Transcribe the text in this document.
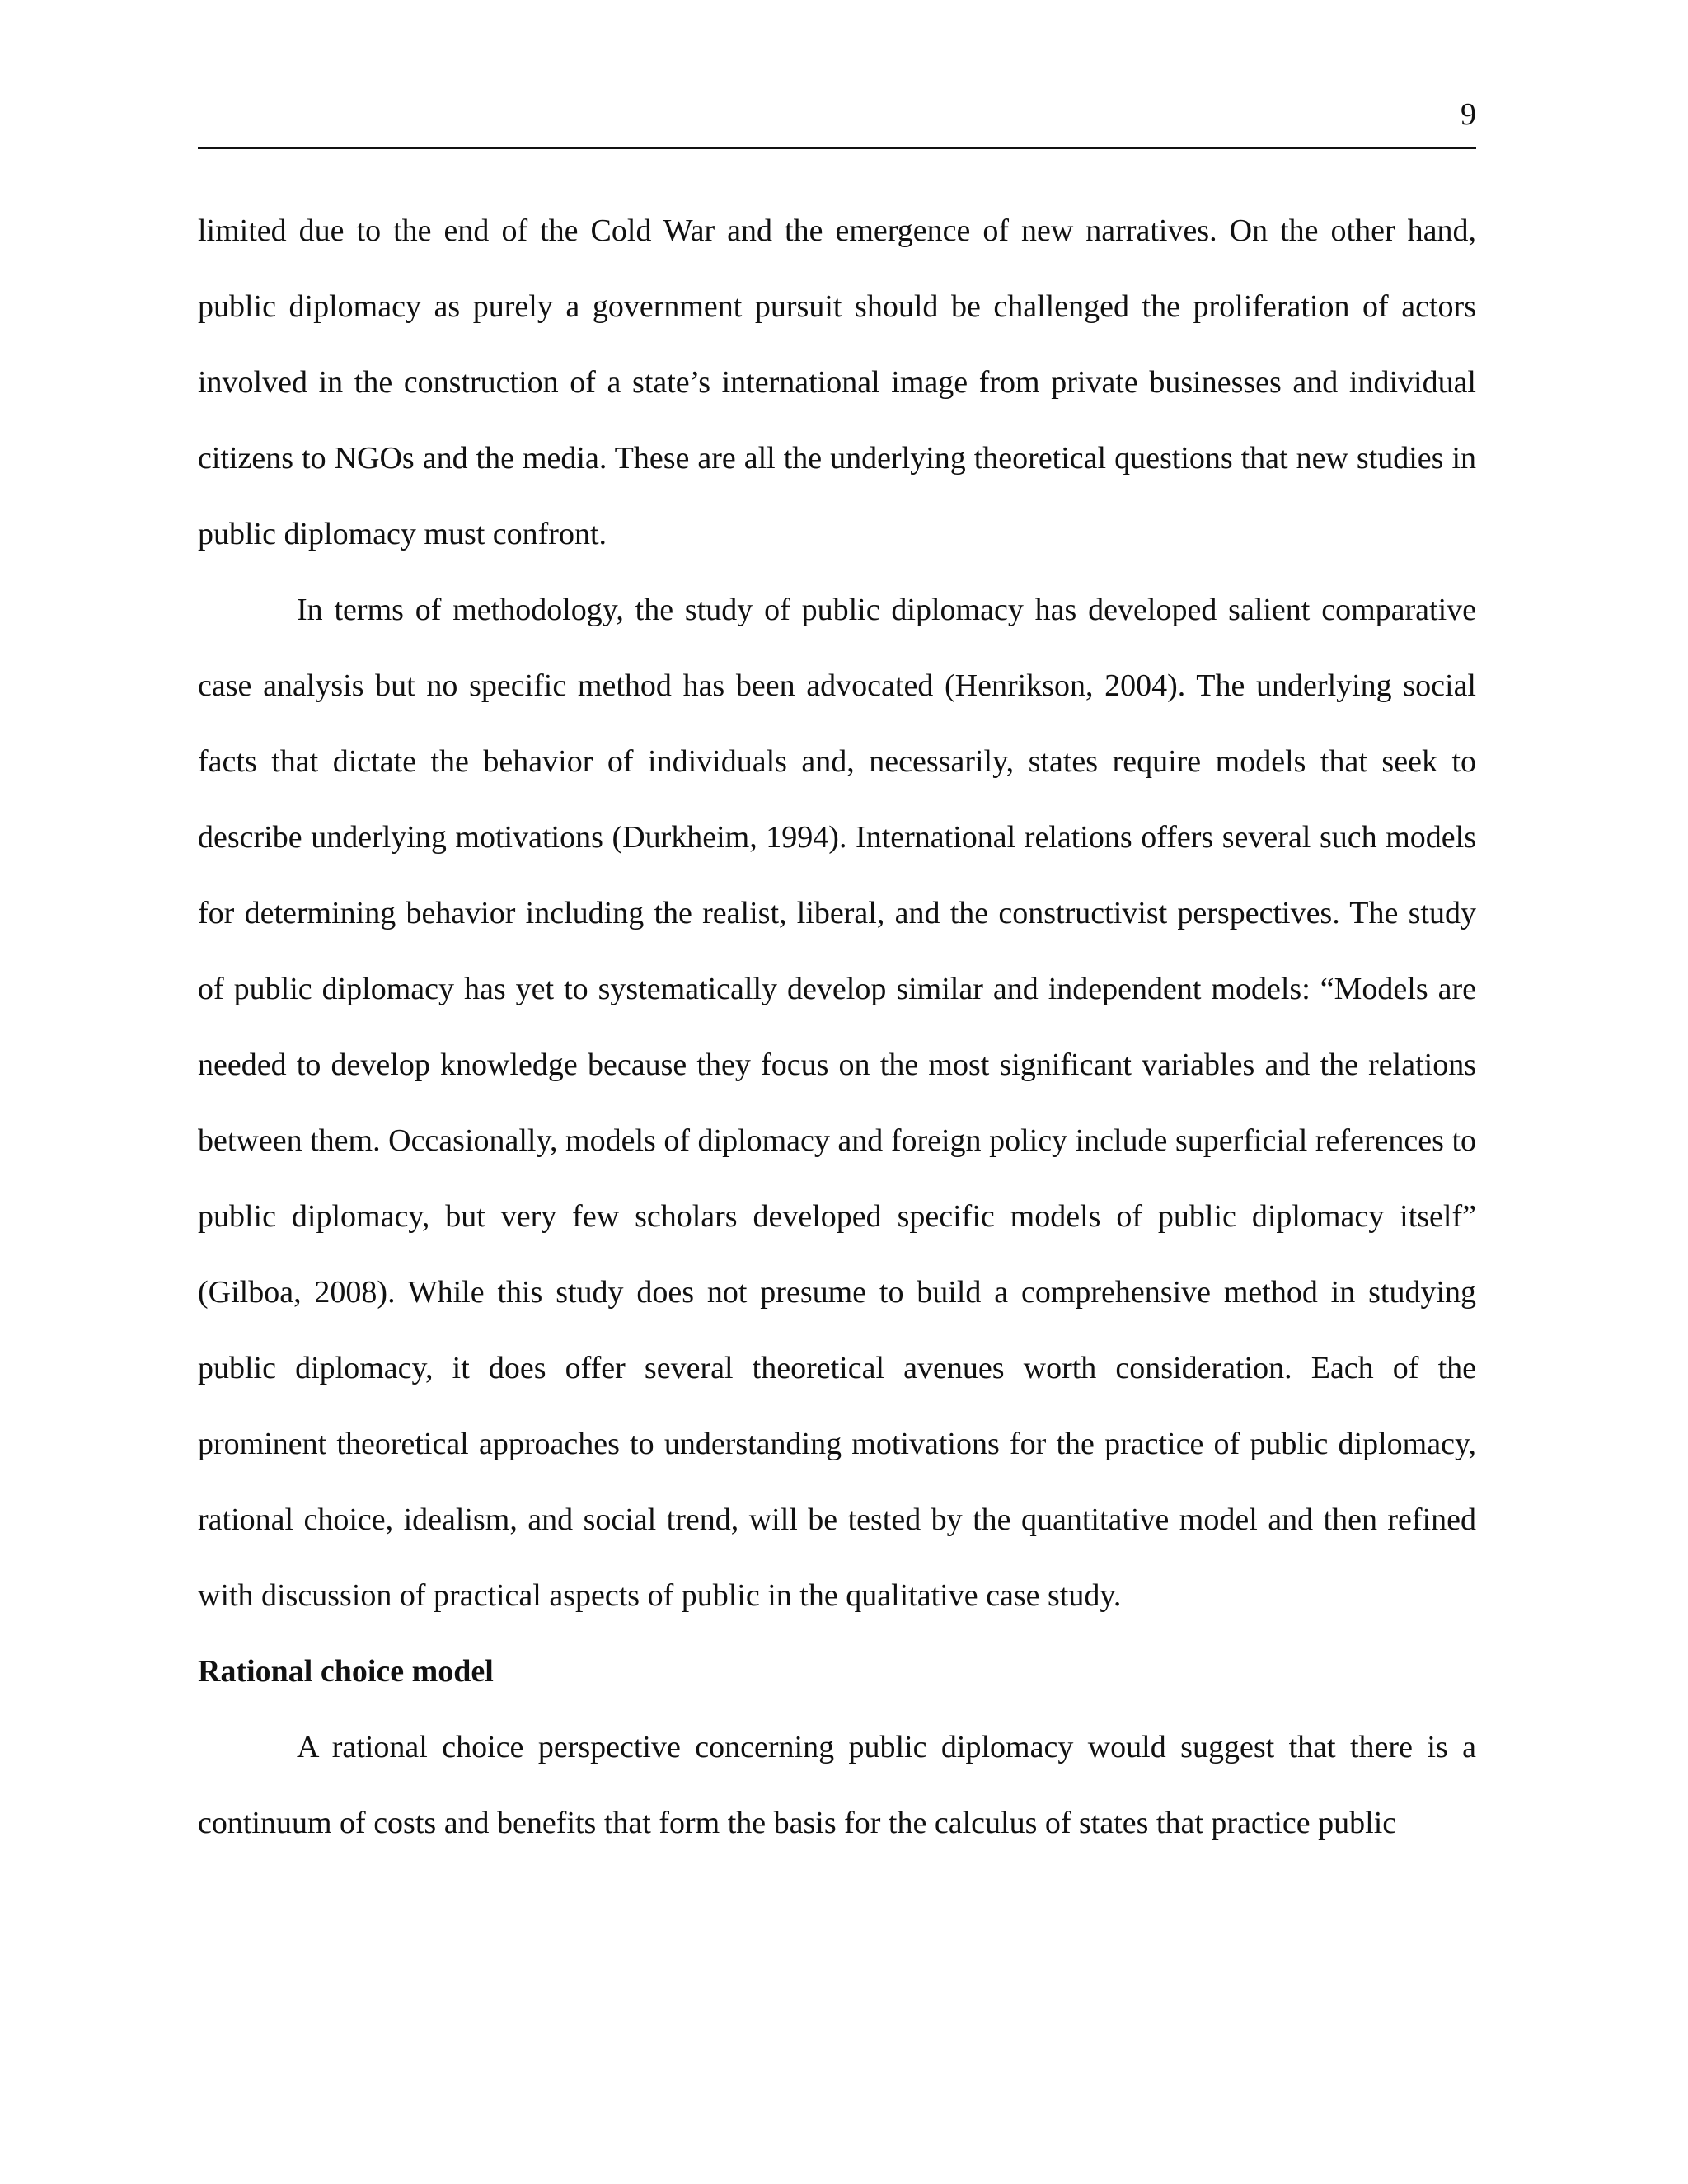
9

limited due to the end of the Cold War and the emergence of new narratives. On the other hand, public diplomacy as purely a government pursuit should be challenged the proliferation of actors involved in the construction of a state’s international image from private businesses and individual citizens to NGOs and the media. These are all the underlying theoretical questions that new studies in public diplomacy must confront.

In terms of methodology, the study of public diplomacy has developed salient comparative case analysis but no specific method has been advocated (Henrikson, 2004). The underlying social facts that dictate the behavior of individuals and, necessarily, states require models that seek to describe underlying motivations (Durkheim, 1994). International relations offers several such models for determining behavior including the realist, liberal, and the constructivist perspectives. The study of public diplomacy has yet to systematically develop similar and independent models: “Models are needed to develop knowledge because they focus on the most significant variables and the relations between them. Occasionally, models of diplomacy and foreign policy include superficial references to public diplomacy, but very few scholars developed specific models of public diplomacy itself” (Gilboa, 2008). While this study does not presume to build a comprehensive method in studying public diplomacy, it does offer several theoretical avenues worth consideration. Each of the prominent theoretical approaches to understanding motivations for the practice of public diplomacy, rational choice, idealism, and social trend, will be tested by the quantitative model and then refined with discussion of practical aspects of public in the qualitative case study.

Rational choice model

A rational choice perspective concerning public diplomacy would suggest that there is a continuum of costs and benefits that form the basis for the calculus of states that practice public
